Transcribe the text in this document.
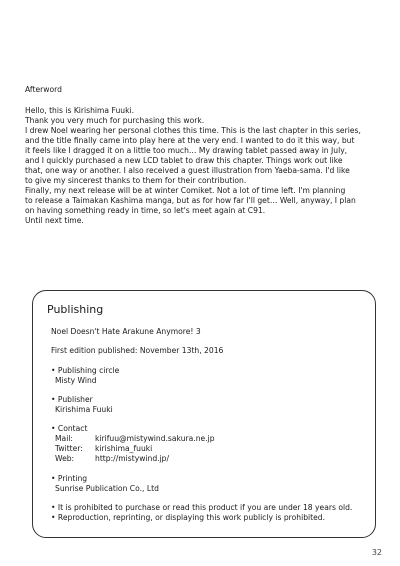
Afterword
Hello, this is Kirishima Fuuki.
Thank you very much for purchasing this work.
I drew Noel wearing her personal clothes this time. This is the last chapter in this series,
and the title finally came into play here at the very end. I wanted to do it this way, but
it feels like I dragged it on a little too much… My drawing tablet passed away in July,
and I quickly purchased a new LCD tablet to draw this chapter. Things work out like
that, one way or another. I also received a guest illustration from Yaeba-sama. I'd like
to give my sincerest thanks to them for their contribution.
Finally, my next release will be at winter Comiket. Not a lot of time left. I'm planning
to release a Taimakan Kashima manga, but as for how far I'll get… Well, anyway, I plan
on having something ready in time, so let's meet again at C91.
Until next time.
Publishing
Noel Doesn't Hate Arakune Anymore! 3
First edition published: November 13th, 2016
• Publishing circle
Misty Wind
• Publisher
Kirishima Fuuki
• Contact
Mail:	kirifuu@mistywind.sakura.ne.jp
Twitter: kirishima_fuuki
Web:	http://mistywind.jp/
• Printing
Sunrise Publication Co., Ltd
• It is prohibited to purchase or read this product if you are under 18 years old.
• Reproduction, reprinting, or displaying this work publicly is prohibited.
32
